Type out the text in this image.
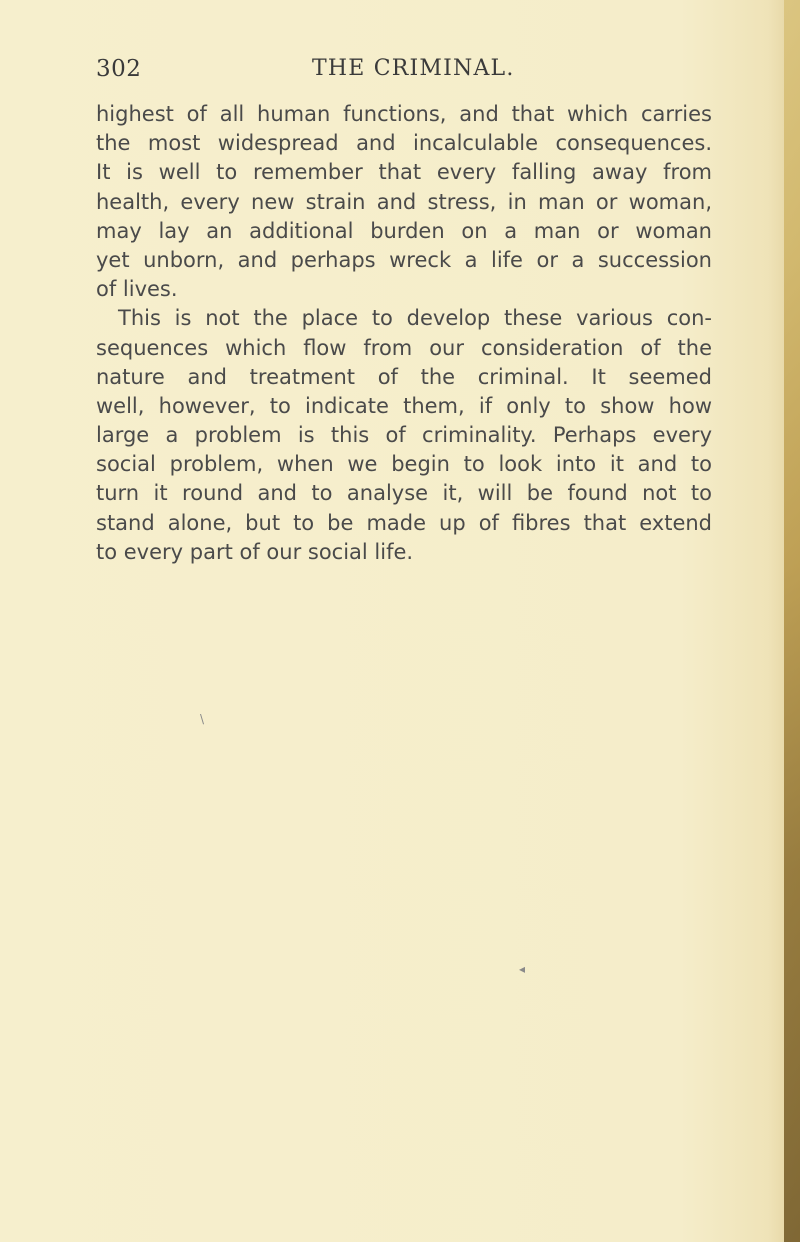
302	THE CRIMINAL.
highest of all human functions, and that which carries
the most widespread and incalculable consequences.
It is well to remember that every falling away from
health, every new strain and stress, in man or woman,
may lay an additional burden on a man or woman
yet unborn, and perhaps wreck a life or a succession
of lives.
This is not the place to develop these various con-
sequences which flow from our consideration of the
nature and treatment of the criminal. It seemed
well, however, to indicate them, if only to show how
large a problem is this of criminality. Perhaps every
social problem, when we begin to look into it and to
turn it round and to analyse it, will be found not to
stand alone, but to be made up of fibres that extend
to every part of our social life.
\
◂
